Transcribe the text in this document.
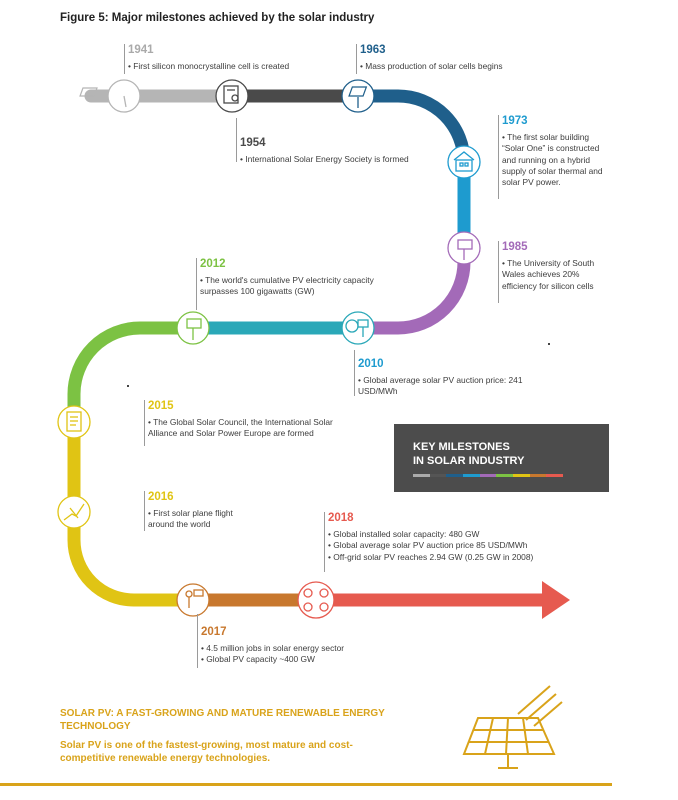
Figure 5: Major milestones achieved by the solar industry
1941
• First silicon monocrystalline cell is created
1963
• Mass production of solar cells begins
1954
• International Solar Energy Society is formed
1973
• The first solar building “Solar One” is constructed and running on a hybrid supply of solar thermal and solar PV power.
1985
• The University of South Wales achieves 20% efficiency for silicon cells
2012
• The world's cumulative PV electricity capacity surpasses 100 gigawatts (GW)
2010
• Global average solar PV auction price: 241 USD/MWh
2015
• The Global Solar Council, the International Solar Alliance and Solar Power Europe are formed
2016
• First solar plane flight around the world
2018
• Global installed solar capacity: 480 GW
• Global average solar PV auction price 85 USD/MWh
• Off-grid solar PV reaches 2.94 GW (0.25 GW in 2008)
2017
• 4.5 million jobs in solar energy sector
• Global PV capacity ~400 GW
KEY MILESTONES
IN SOLAR INDUSTRY
SOLAR PV: A FAST-GROWING AND MATURE RENEWABLE ENERGY TECHNOLOGY
Solar PV is one of the fastest-growing, most mature and cost-competitive renewable energy technologies.
